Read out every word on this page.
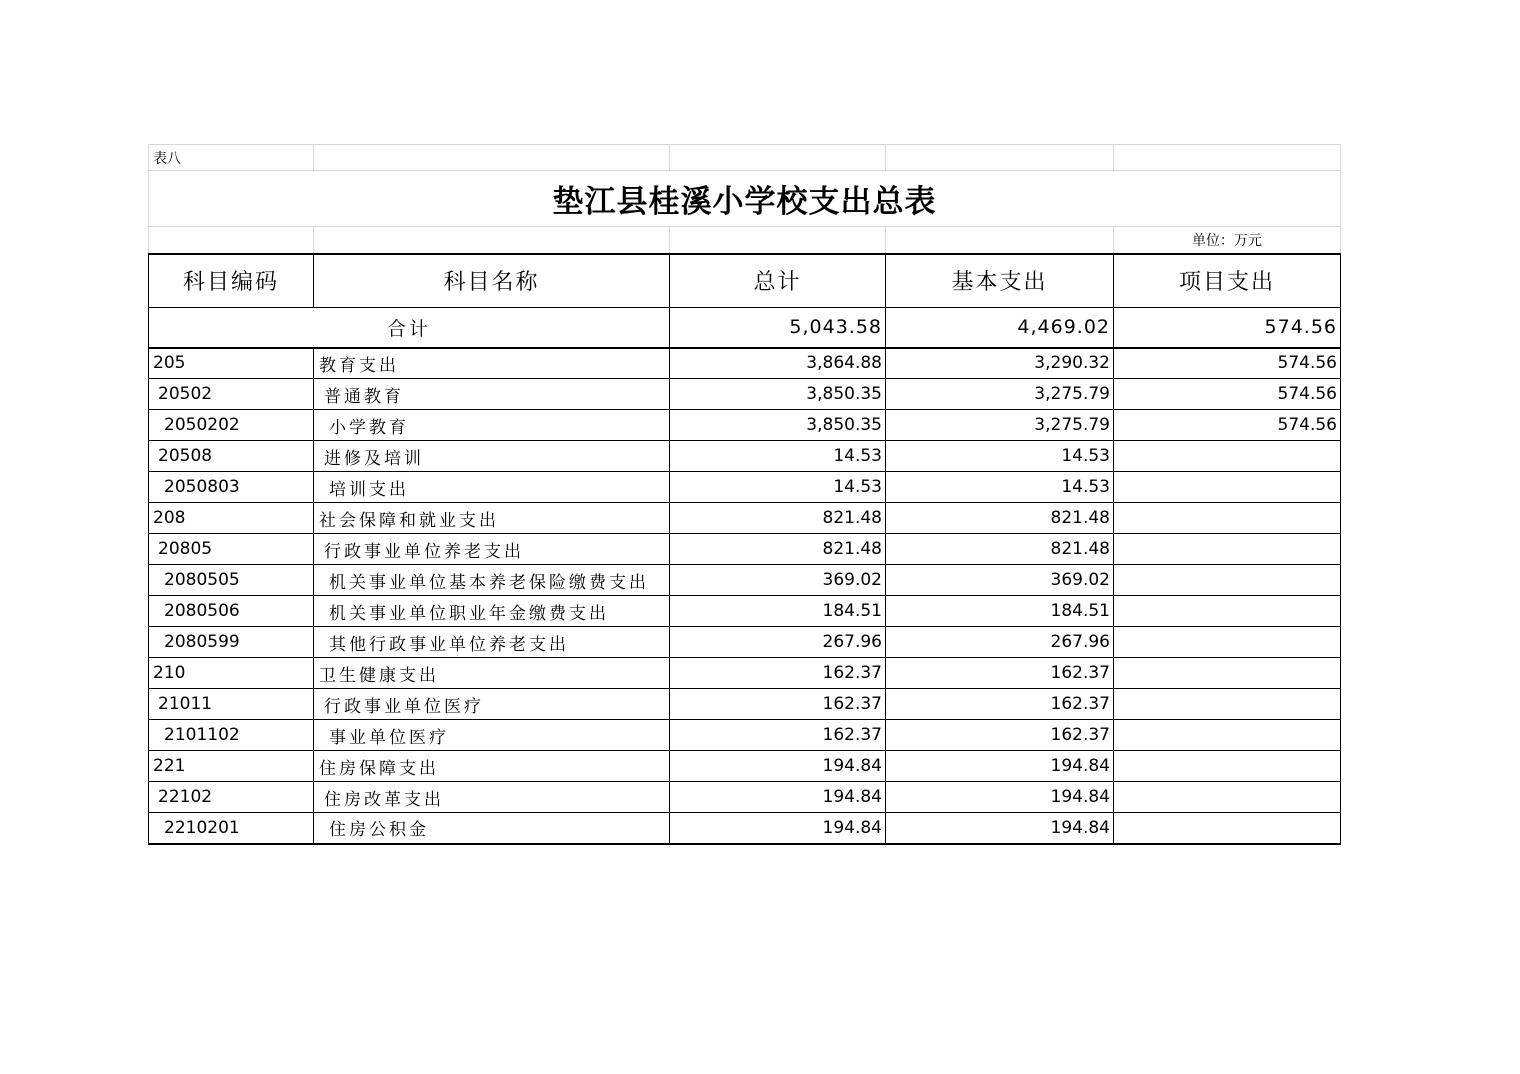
表八				
垫江县桂溪小学校支出总表				
				单位：万元
科目编码	科目名称	总计	基本支出	项目支出
合计		5,043.58	4,469.02	574.56
205	教育支出	3,864.88	3,290.32	574.56
20502	普通教育	3,850.35	3,275.79	574.56
2050202	小学教育	3,850.35	3,275.79	574.56
20508	进修及培训	14.53	14.53	
2050803	培训支出	14.53	14.53	
208	社会保障和就业支出	821.48	821.48	
20805	行政事业单位养老支出	821.48	821.48	
2080505	机关事业单位基本养老保险缴费支出	369.02	369.02	
2080506	机关事业单位职业年金缴费支出	184.51	184.51	
2080599	其他行政事业单位养老支出	267.96	267.96	
210	卫生健康支出	162.37	162.37	
21011	行政事业单位医疗	162.37	162.37	
2101102	事业单位医疗	162.37	162.37	
221	住房保障支出	194.84	194.84	
22102	住房改革支出	194.84	194.84	
2210201	住房公积金	194.84	194.84	
